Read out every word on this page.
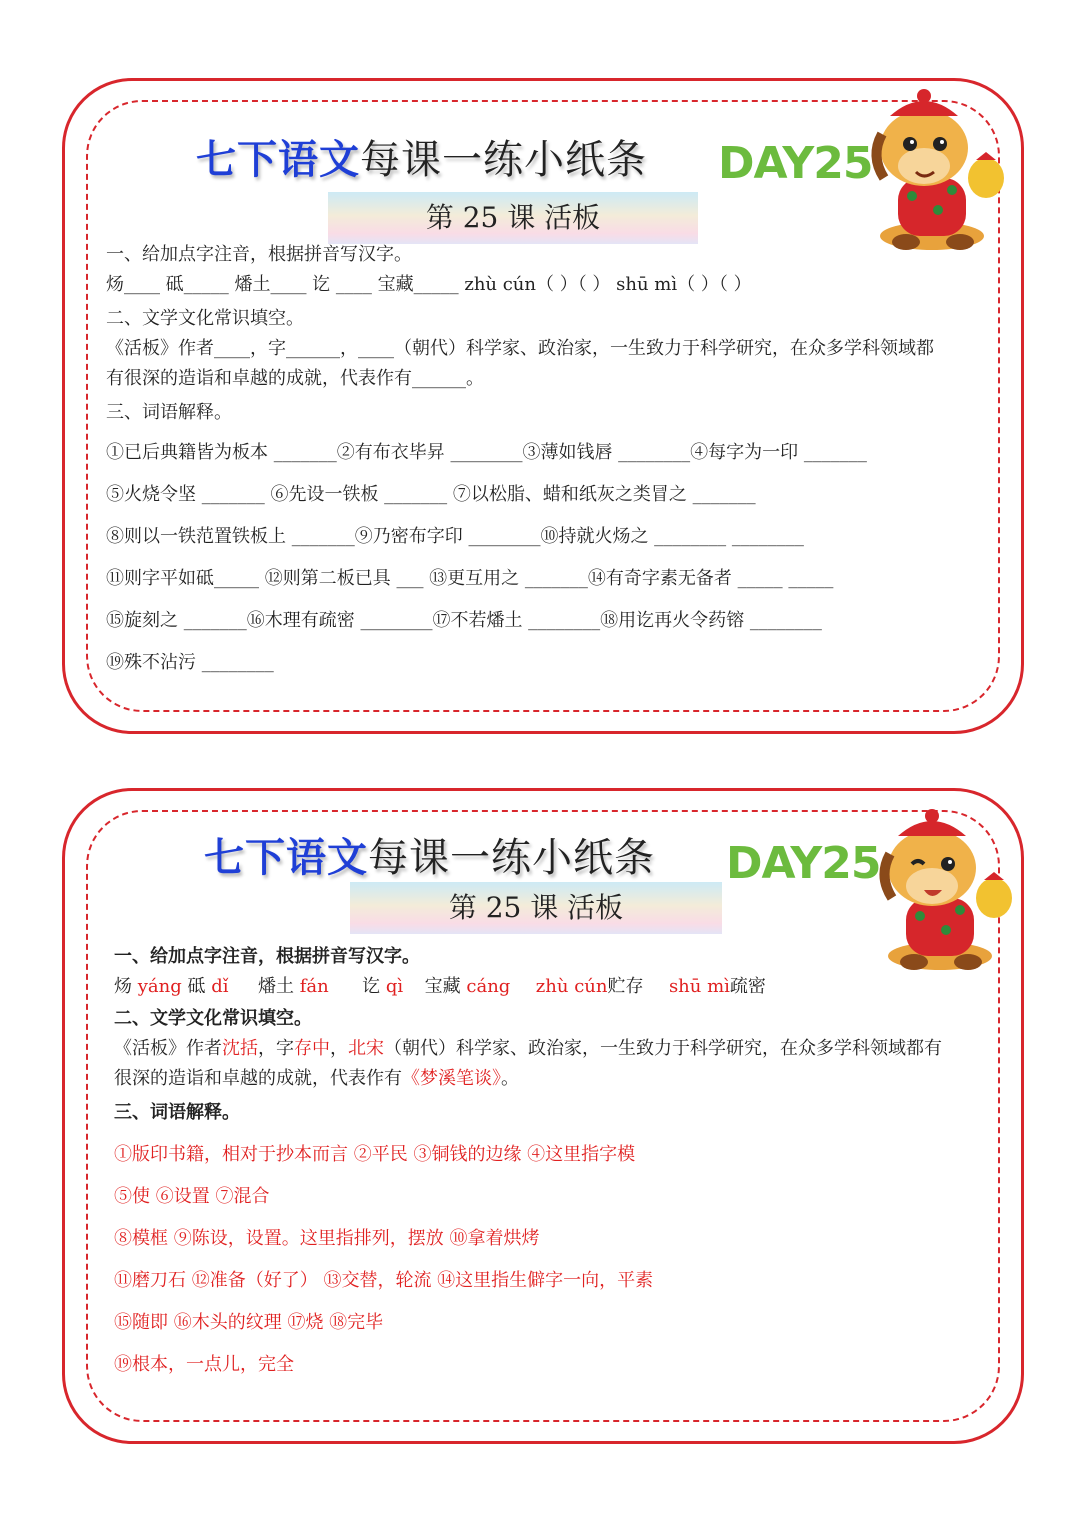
七下语文每课一练小纸条 DAY25
第 25 课 活板
一、给加点字注音，根据拼音写汉字。
炀____ 砥_____ 燔土____ 讫 ____ 宝藏_____ zhù cún（ ）（ ） shū mì（ ）（ ）
二、文学文化常识填空。
《活板》作者____，字______，____（朝代）科学家、政治家，一生致力于科学研究，在众多学科领域都
有很深的造诣和卓越的成就，代表作有______。
三、词语解释。
①已后典籍皆为板本 _______②有布衣毕昇 ________③薄如钱唇 ________④每字为一印 _______
⑤火烧令坚 _______ ⑥先设一铁板 _______ ⑦以松脂、蜡和纸灰之类冒之 _______
⑧则以一铁范置铁板上 _______⑨乃密布字印 ________⑩持就火炀之 ________ ________
⑪则字平如砥_____ ⑫则第二板已具 ___ ⑬更互用之 _______⑭有奇字素无备者 _____ _____
⑮旋刻之 _______⑯木理有疏密 ________⑰不若燔土 ________⑱用讫再火令药镕 ________
⑲殊不沾污 ________
七下语文每课一练小纸条 DAY25
第 25 课 活板
一、给加点字注音，根据拼音写汉字。
炀 yáng 砥 dǐ 燔土 fán 讫 qì 宝藏 cáng zhù cún贮存 shū mì疏密
二、文学文化常识填空。
《活板》作者沈括，字存中，北宋（朝代）科学家、政治家，一生致力于科学研究，在众多学科领域都有
很深的造诣和卓越的成就，代表作有《梦溪笔谈》。
三、词语解释。
①版印书籍，相对于抄本而言 ②平民 ③铜钱的边缘 ④这里指字模
⑤使 ⑥设置 ⑦混合
⑧模框 ⑨陈设，设置。这里指排列，摆放 ⑩拿着烘烤
⑪磨刀石 ⑫准备（好了） ⑬交替，轮流 ⑭这里指生僻字一向，平素
⑮随即 ⑯木头的纹理 ⑰烧 ⑱完毕
⑲根本，一点儿，完全
